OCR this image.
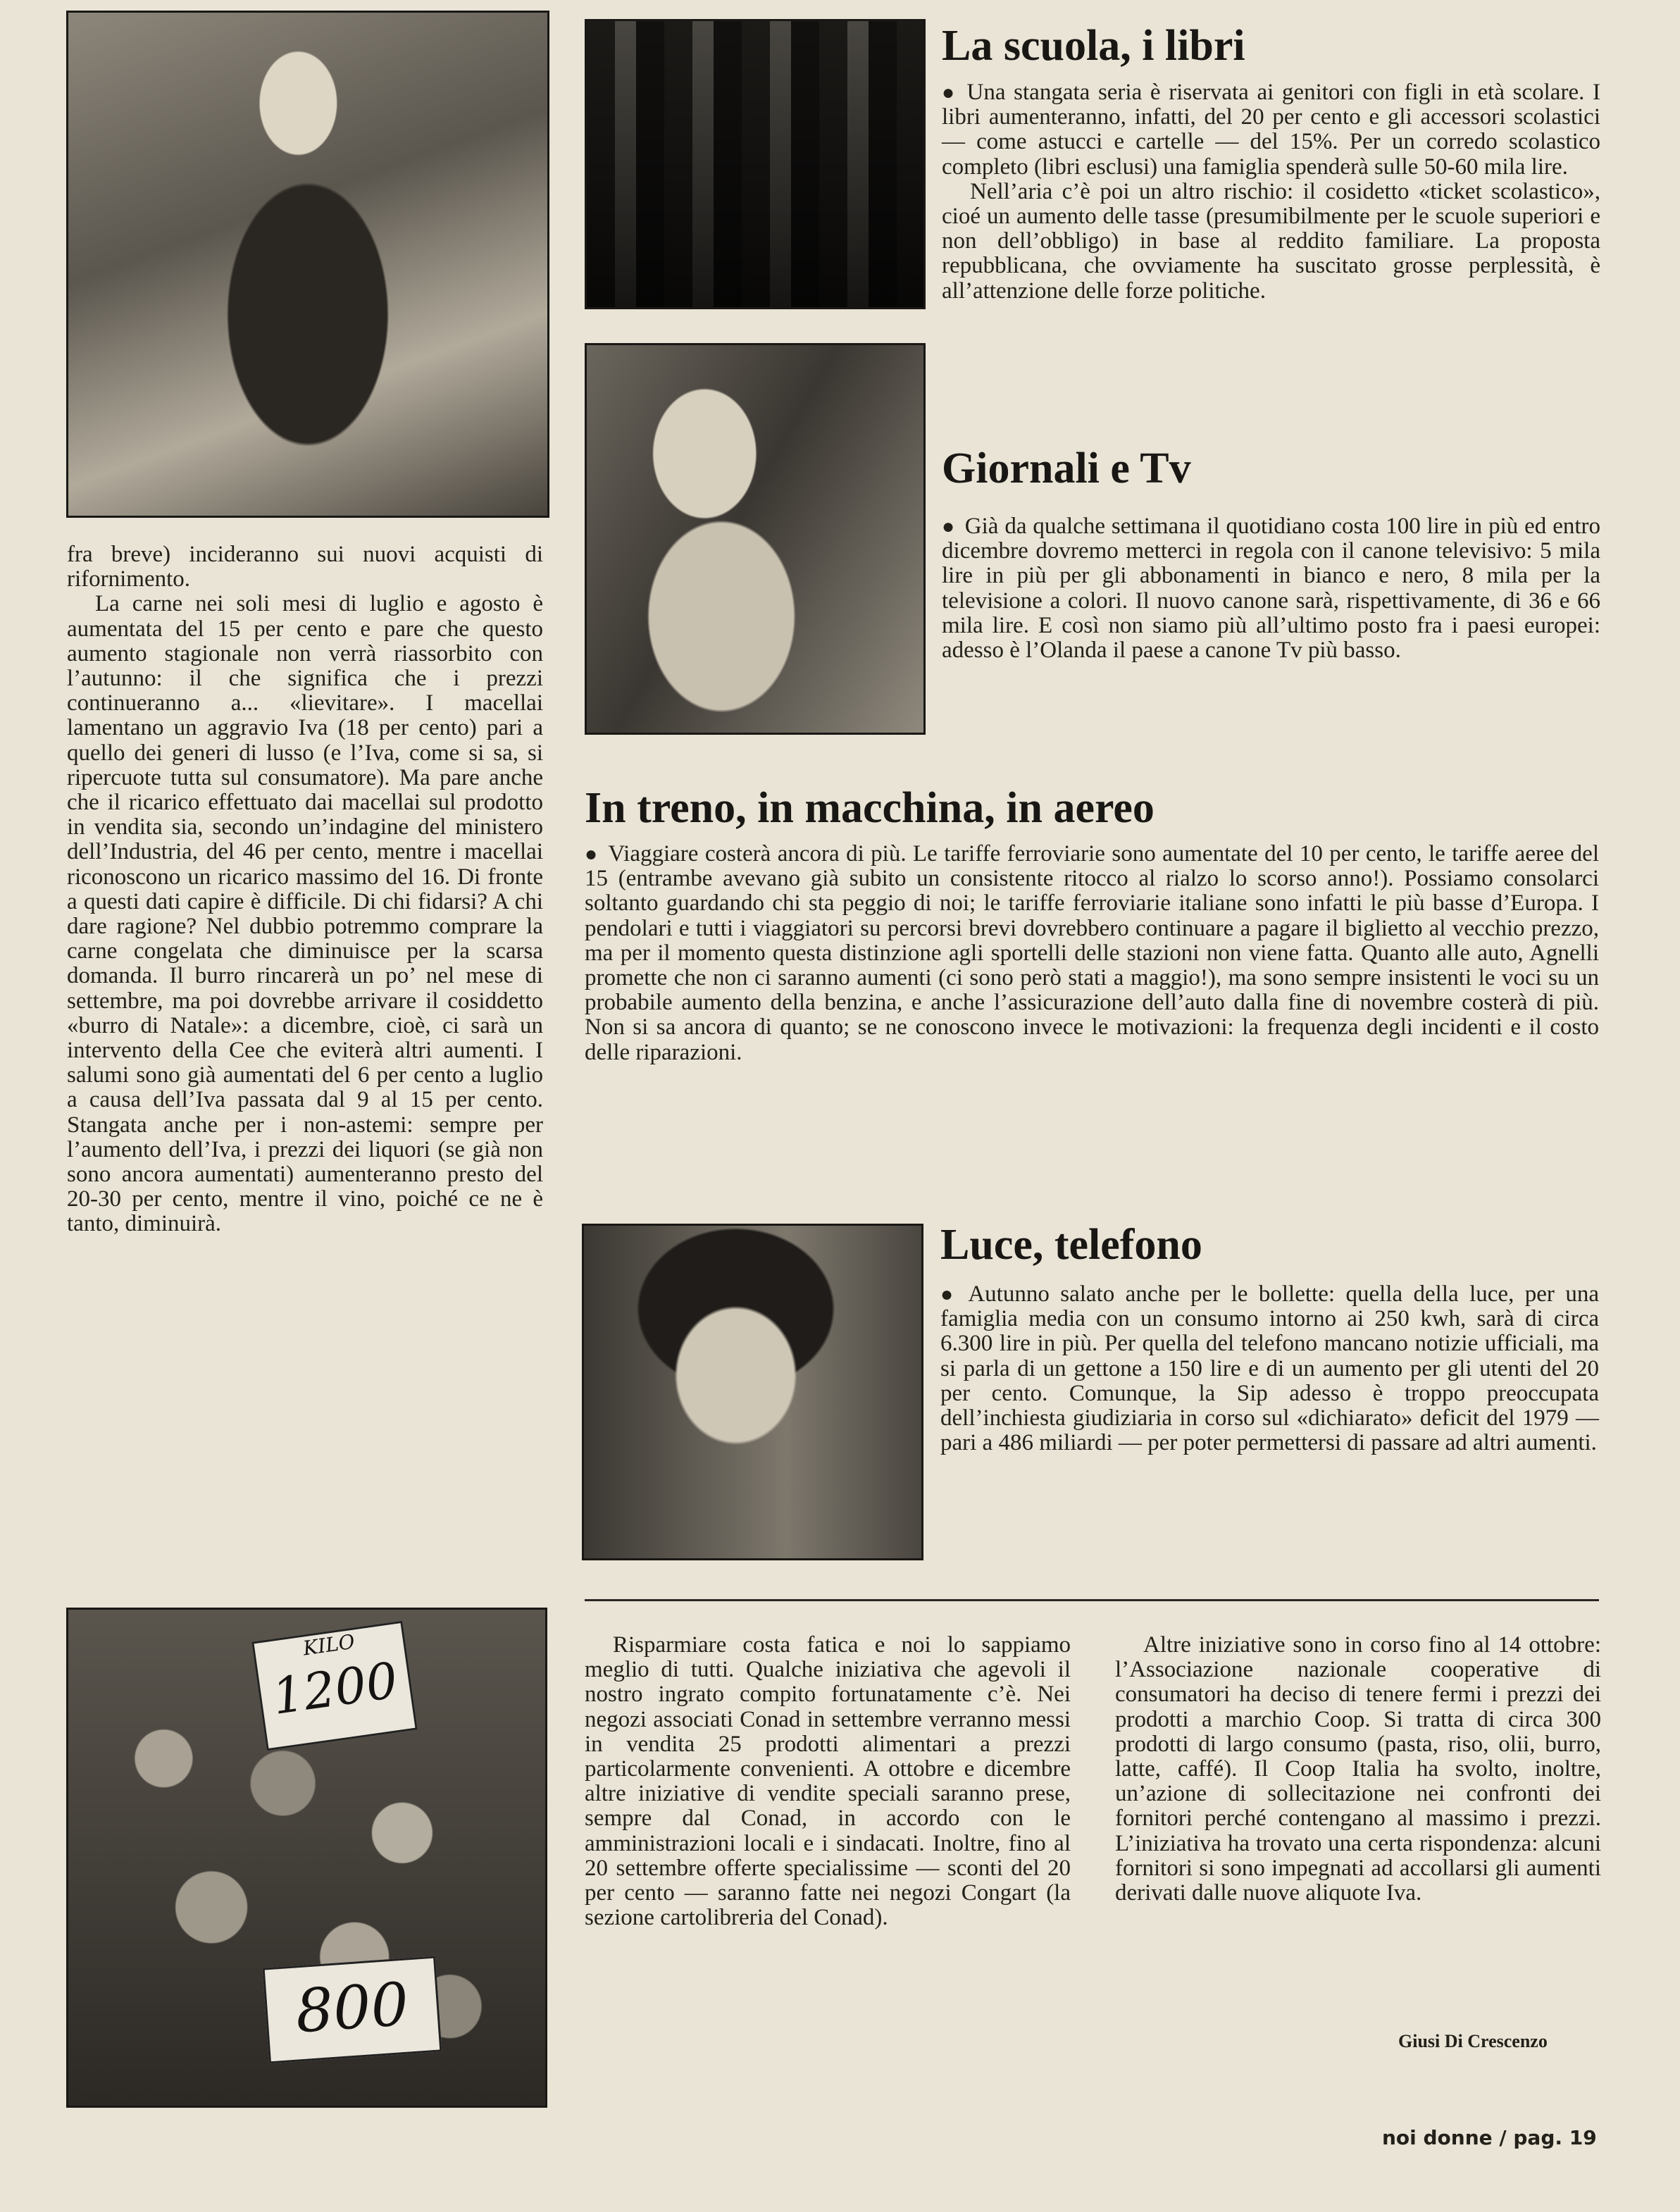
KILO
1200
800

fra breve) incideranno sui nuovi acquisti di rifornimento.

La carne nei soli mesi di luglio e agosto è aumentata del 15 per cento e pare che questo aumento stagionale non verrà riassorbito con l’autunno: il che significa che i prezzi continueranno a... «lievitare». I macellai lamentano un aggravio Iva (18 per cento) pari a quello dei generi di lusso (e l’Iva, come si sa, si ripercuote tutta sul consumatore). Ma pare anche che il ricarico effettuato dai macellai sul prodotto in vendita sia, secondo un’indagine del ministero dell’Industria, del 46 per cento, mentre i macellai riconoscono un ricarico massimo del 16. Di fronte a questi dati capire è difficile. Di chi fidarsi? A chi dare ragione? Nel dubbio potremmo comprare la carne congelata che diminuisce per la scarsa domanda. Il burro rincarerà un po’ nel mese di settembre, ma poi dovrebbe arrivare il cosiddetto «burro di Natale»: a dicembre, cioè, ci sarà un intervento della Cee che eviterà altri aumenti. I salumi sono già aumentati del 6 per cento a luglio a causa dell’Iva passata dal 9 al 15 per cento. Stangata anche per i non-astemi: sempre per l’aumento dell’Iva, i prezzi dei liquori (se già non sono ancora aumentati) aumenteranno presto del 20-30 per cento, mentre il vino, poiché ce ne è tanto, diminuirà.

La scuola, i libri

● Una stangata seria è riservata ai genitori con figli in età scolare. I libri aumenteranno, infatti, del 20 per cento e gli accessori scolastici — come astucci e cartelle — del 15%. Per un corredo scolastico completo (libri esclusi) una famiglia spenderà sulle 50-60 mila lire.

Nell’aria c’è poi un altro rischio: il cosidetto «ticket scolastico», cioé un aumento delle tasse (presumibilmente per le scuole superiori e non dell’obbligo) in base al reddito familiare. La proposta repubblicana, che ovviamente ha suscitato grosse perplessità, è all’attenzione delle forze politiche.

Giornali e Tv

● Già da qualche settimana il quotidiano costa 100 lire in più ed entro dicembre dovremo metterci in regola con il canone televisivo: 5 mila lire in più per gli abbonamenti in bianco e nero, 8 mila per la televisione a colori. Il nuovo canone sarà, rispettivamente, di 36 e 66 mila lire. E così non siamo più all’ultimo posto fra i paesi europei: adesso è l’Olanda il paese a canone Tv più basso.

In treno, in macchina, in aereo

● Viaggiare costerà ancora di più. Le tariffe ferroviarie sono aumentate del 10 per cento, le tariffe aeree del 15 (entrambe avevano già subito un consistente ritocco al rialzo lo scorso anno!). Possiamo consolarci soltanto guardando chi sta peggio di noi; le tariffe ferroviarie italiane sono infatti le più basse d’Europa. I pendolari e tutti i viaggiatori su percorsi brevi dovrebbero continuare a pagare il biglietto al vecchio prezzo, ma per il momento questa distinzione agli sportelli delle stazioni non viene fatta. Quanto alle auto, Agnelli promette che non ci saranno aumenti (ci sono però stati a maggio!), ma sono sempre insistenti le voci su un probabile aumento della benzina, e anche l’assicurazione dell’auto dalla fine di novembre costerà di più. Non si sa ancora di quanto; se ne conoscono invece le motivazioni: la frequenza degli incidenti e il costo delle riparazioni.

Luce, telefono

● Autunno salato anche per le bollette: quella della luce, per una famiglia media con un consumo intorno ai 250 kwh, sarà di circa 6.300 lire in più. Per quella del telefono mancano notizie ufficiali, ma si parla di un gettone a 150 lire e di un aumento per gli utenti del 20 per cento. Comunque, la Sip adesso è troppo preoccupata dell’inchiesta giudiziaria in corso sul «dichiarato» deficit del 1979 — pari a 486 miliardi — per poter permettersi di passare ad altri aumenti.

Risparmiare costa fatica e noi lo sappiamo meglio di tutti. Qualche iniziativa che agevoli il nostro ingrato compito fortunatamente c’è. Nei negozi associati Conad in settembre verranno messi in vendita 25 prodotti alimentari a prezzi particolarmente convenienti. A ottobre e dicembre altre iniziative di vendite speciali saranno prese, sempre dal Conad, in accordo con le amministrazioni locali e i sindacati. Inoltre, fino al 20 settembre offerte specialissime — sconti del 20 per cento — saranno fatte nei negozi Congart (la sezione cartolibreria del Conad).

Altre iniziative sono in corso fino al 14 ottobre: l’Associazione nazionale cooperative di consumatori ha deciso di tenere fermi i prezzi dei prodotti a marchio Coop. Si tratta di circa 300 prodotti di largo consumo (pasta, riso, olii, burro, latte, caffé). Il Coop Italia ha svolto, inoltre, un’azione di sollecitazione nei confronti dei fornitori perché contengano al massimo i prezzi. L’iniziativa ha trovato una certa rispondenza: alcuni fornitori si sono impegnati ad accollarsi gli aumenti derivati dalle nuove aliquote Iva.

Giusi Di Crescenzo
noi donne / pag. 19
